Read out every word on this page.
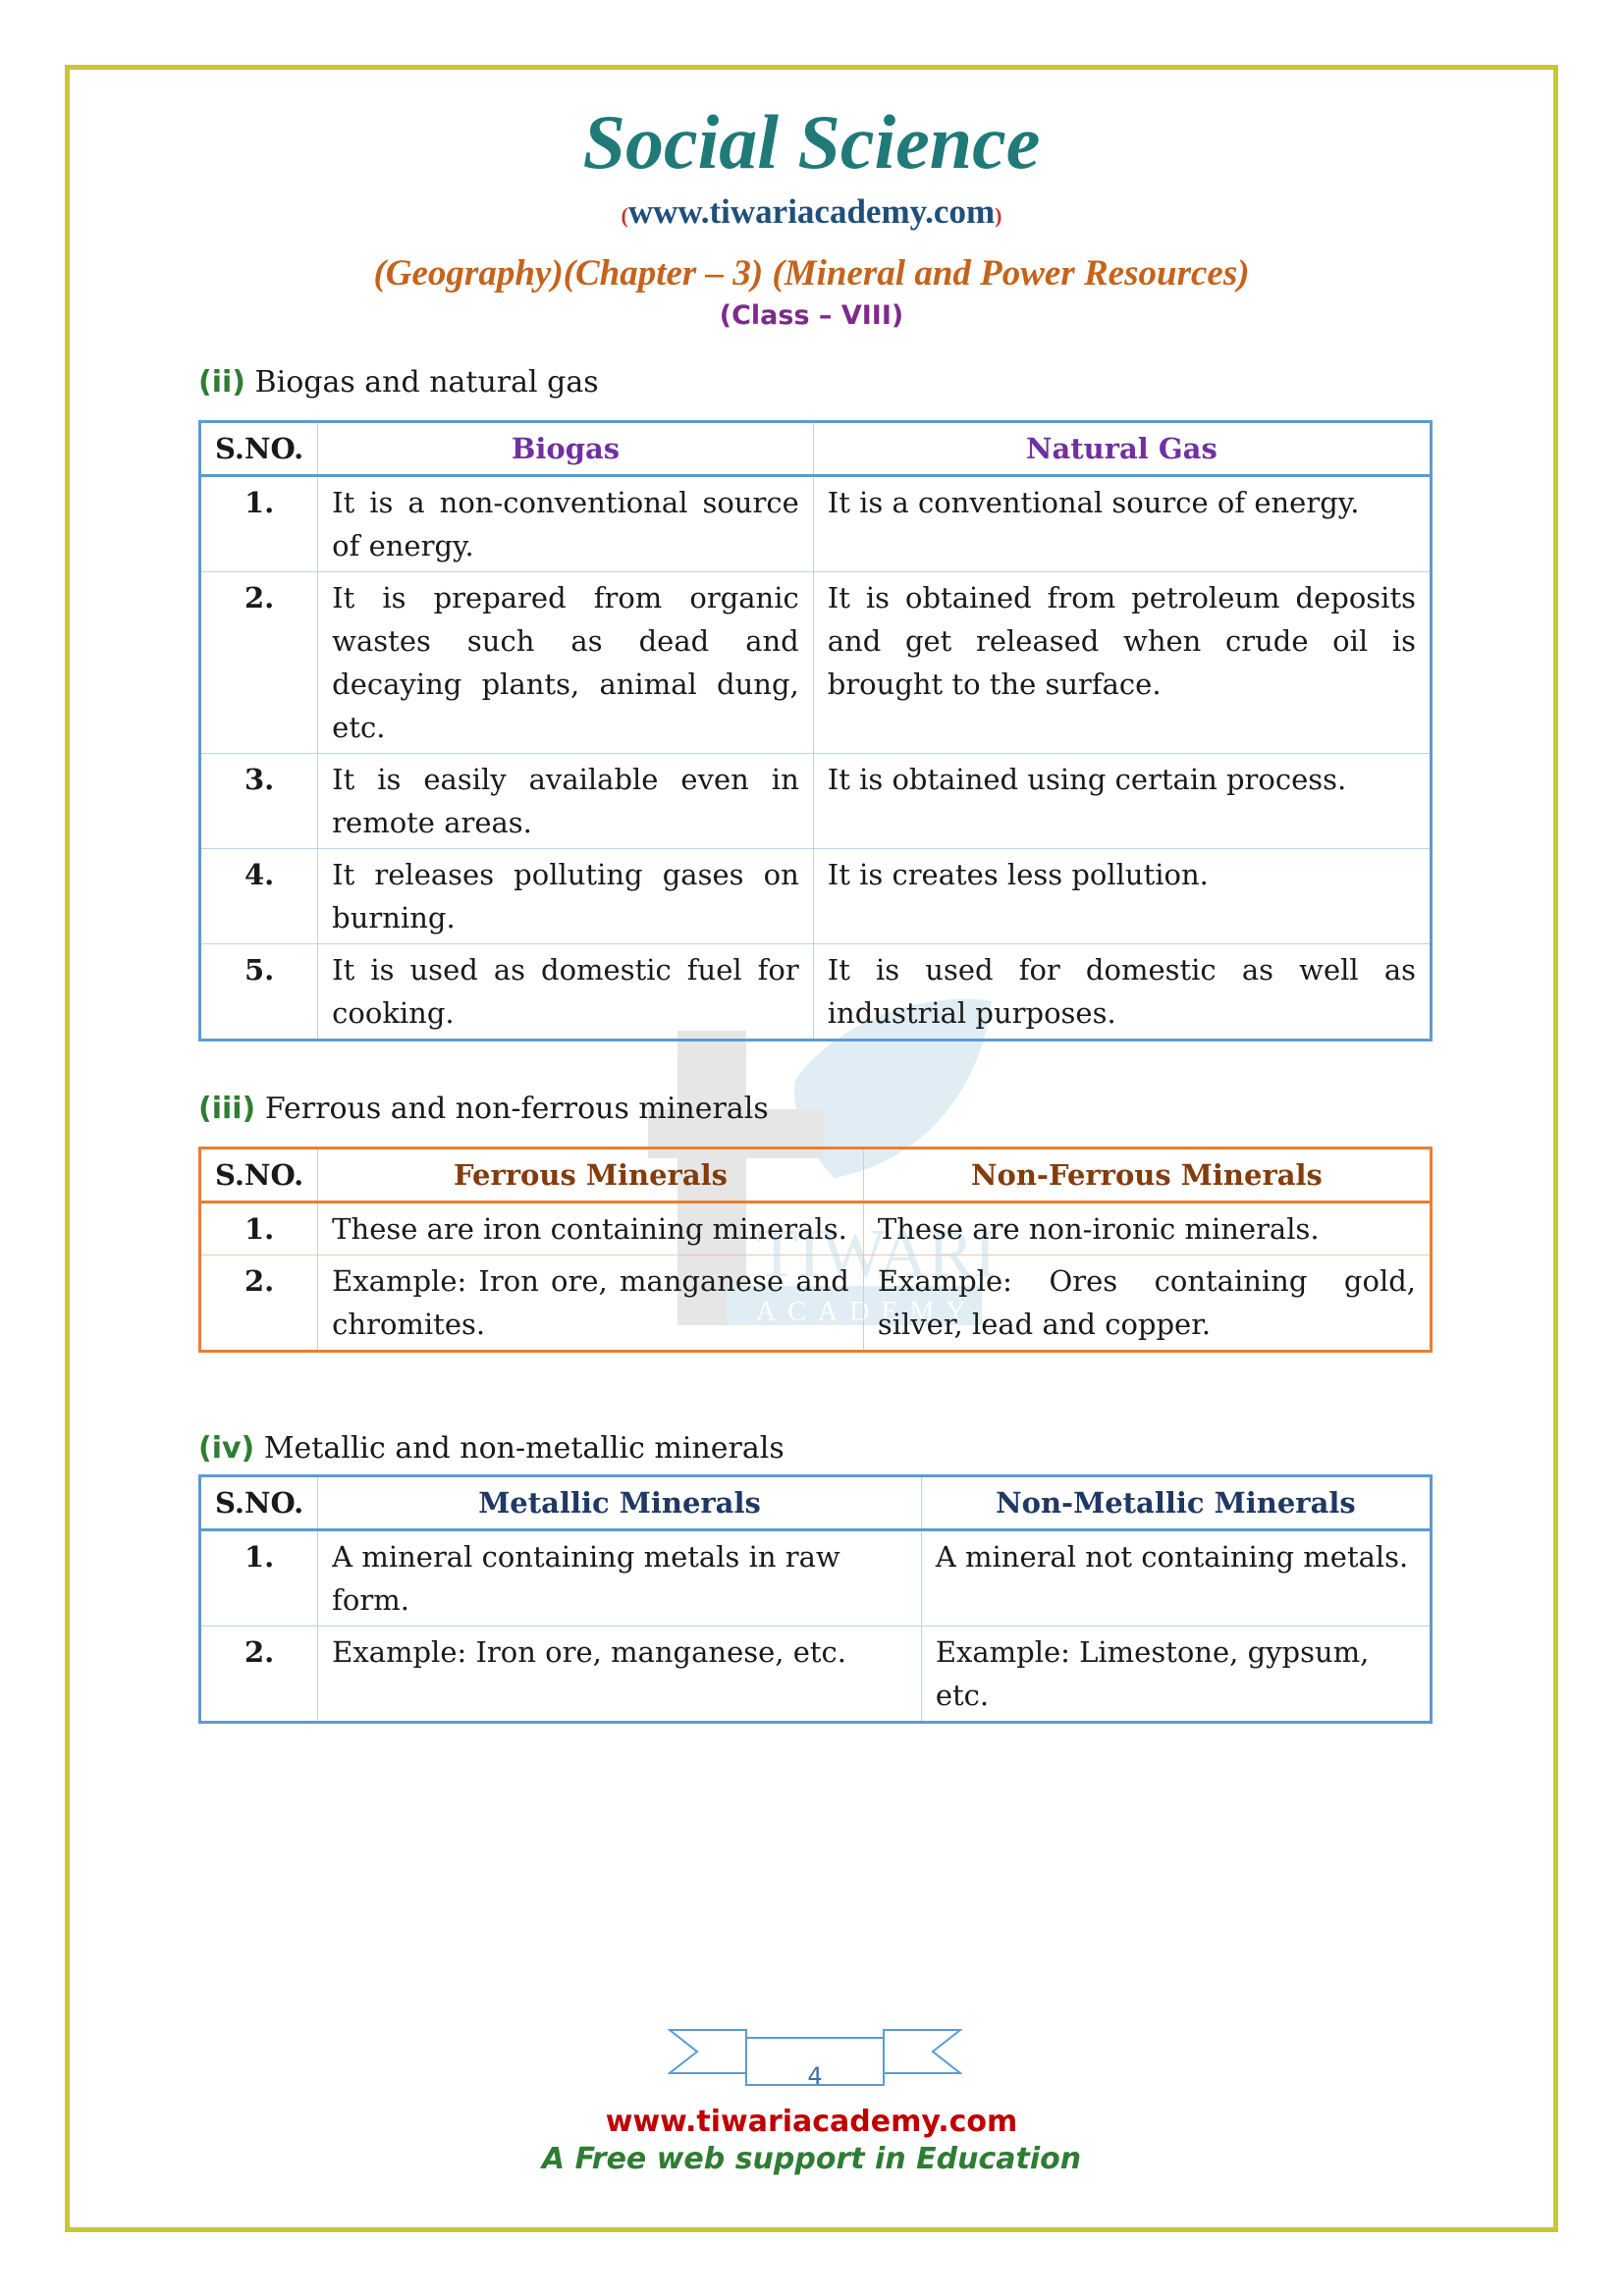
TIWARI
ACADEMY
Social Science
(www.tiwariacademy.com)
(Geography)(Chapter – 3) (Mineral and Power Resources)
(Class – VIII)
(ii) Biogas and natural gas
S.NO.	Biogas	Natural Gas
1.	It is a non-conventional source of energy.	It is a conventional source of energy.
2.	It is prepared from organic wastes such as dead and decaying plants, animal dung, etc.	It is obtained from petroleum deposits and get released when crude oil is brought to the surface.
3.	It is easily available even in remote areas.	It is obtained using certain process.
4.	It releases polluting gases on burning.	It is creates less pollution.
5.	It is used as domestic fuel for cooking.	It is used for domestic as well as industrial purposes.
(iii) Ferrous and non-ferrous minerals
S.NO.	Ferrous Minerals	Non-Ferrous Minerals
1.	These are iron containing minerals.	These are non-ironic minerals.
2.	Example: Iron ore, manganese and chromites.	Example: Ores containing gold, silver, lead and copper.
(iv) Metallic and non-metallic minerals
S.NO.	Metallic Minerals	Non-Metallic Minerals
1.	A mineral containing metals in raw form.	A mineral not containing metals.
2.	Example: Iron ore, manganese, etc.	Example: Limestone, gypsum, etc.
4
www.tiwariacademy.com
A Free web support in Education
